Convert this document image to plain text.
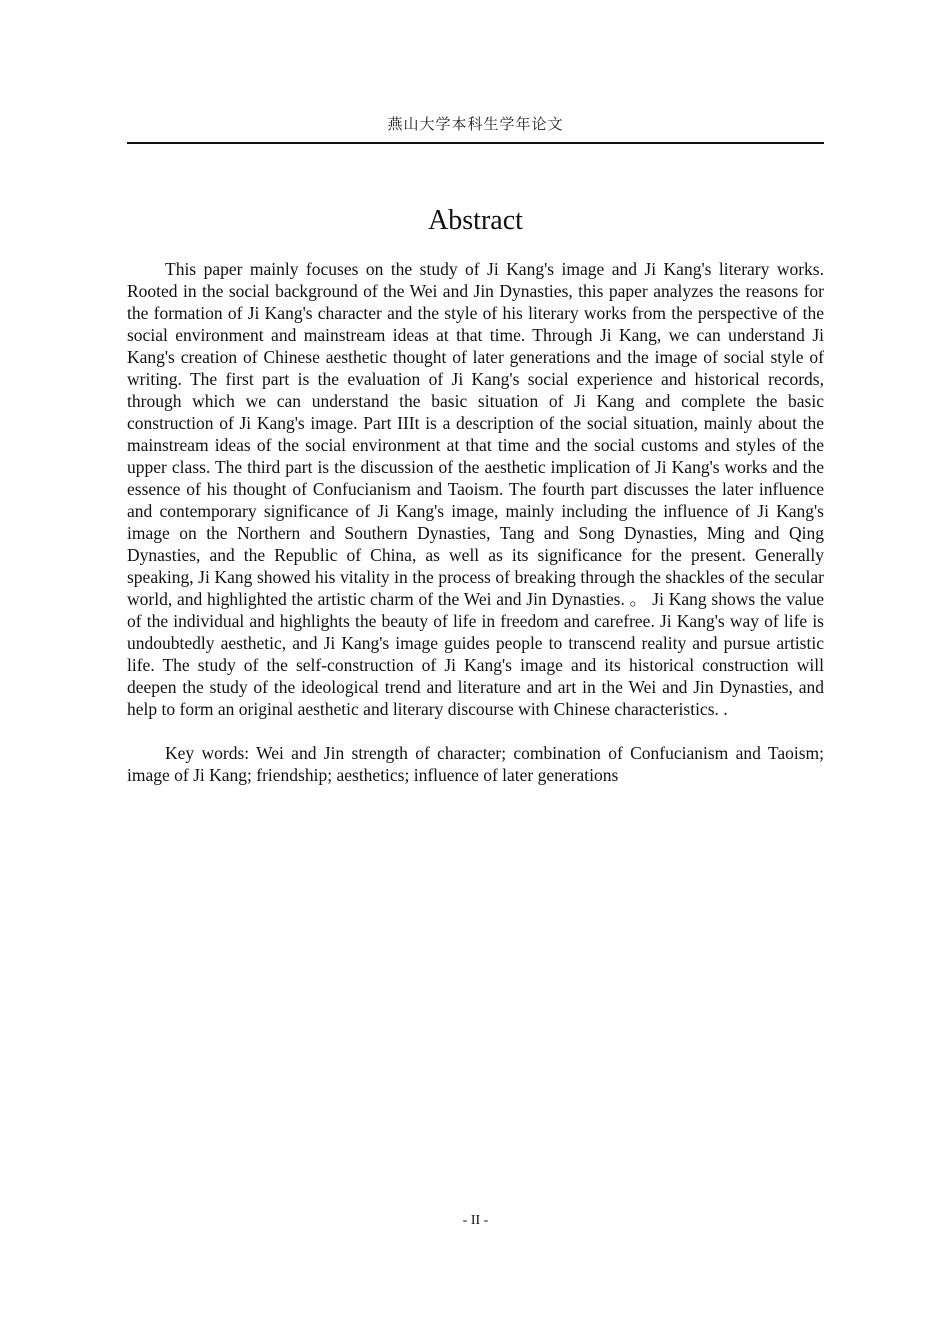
燕山大学本科生学年论文
Abstract

This paper mainly focuses on the study of Ji Kang's image and Ji Kang's literary works. Rooted in the social background of the Wei and Jin Dynasties, this paper analyzes the reasons for the formation of Ji Kang's character and the style of his literary works from the perspective of the social environment and mainstream ideas at that time. Through Ji Kang, we can understand Ji Kang's creation of Chinese aesthetic thought of later generations and the image of social style of writing. The first part is the evaluation of Ji Kang's social experience and historical records, through which we can understand the basic situation of Ji Kang and complete the basic construction of Ji Kang's image. Part IIIt is a description of the social situation, mainly about the mainstream ideas of the social environment at that time and the social customs and styles of the upper class. The third part is the discussion of the aesthetic implication of Ji Kang's works and the essence of his thought of Confucianism and Taoism. The fourth part discusses the later influence and contemporary significance of Ji Kang's image, mainly including the influence of Ji Kang's image on the Northern and Southern Dynasties, Tang and Song Dynasties, Ming and Qing Dynasties, and the Republic of China, as well as its significance for the present. Generally speaking, Ji Kang showed his vitality in the process of breaking through the shackles of the secular world, and highlighted the artistic charm of the Wei and Jin Dynasties. 。 Ji Kang shows the value of the individual and highlights the beauty of life in freedom and carefree. Ji Kang's way of life is undoubtedly aesthetic, and Ji Kang's image guides people to transcend reality and pursue artistic life. The study of the self-construction of Ji Kang's image and its historical construction will deepen the study of the ideological trend and literature and art in the Wei and Jin Dynasties, and help to form an original aesthetic and literary discourse with Chinese characteristics. .

Key words: Wei and Jin strength of character; combination of Confucianism and Taoism; image of Ji Kang; friendship; aesthetics; influence of later generations

- II -
